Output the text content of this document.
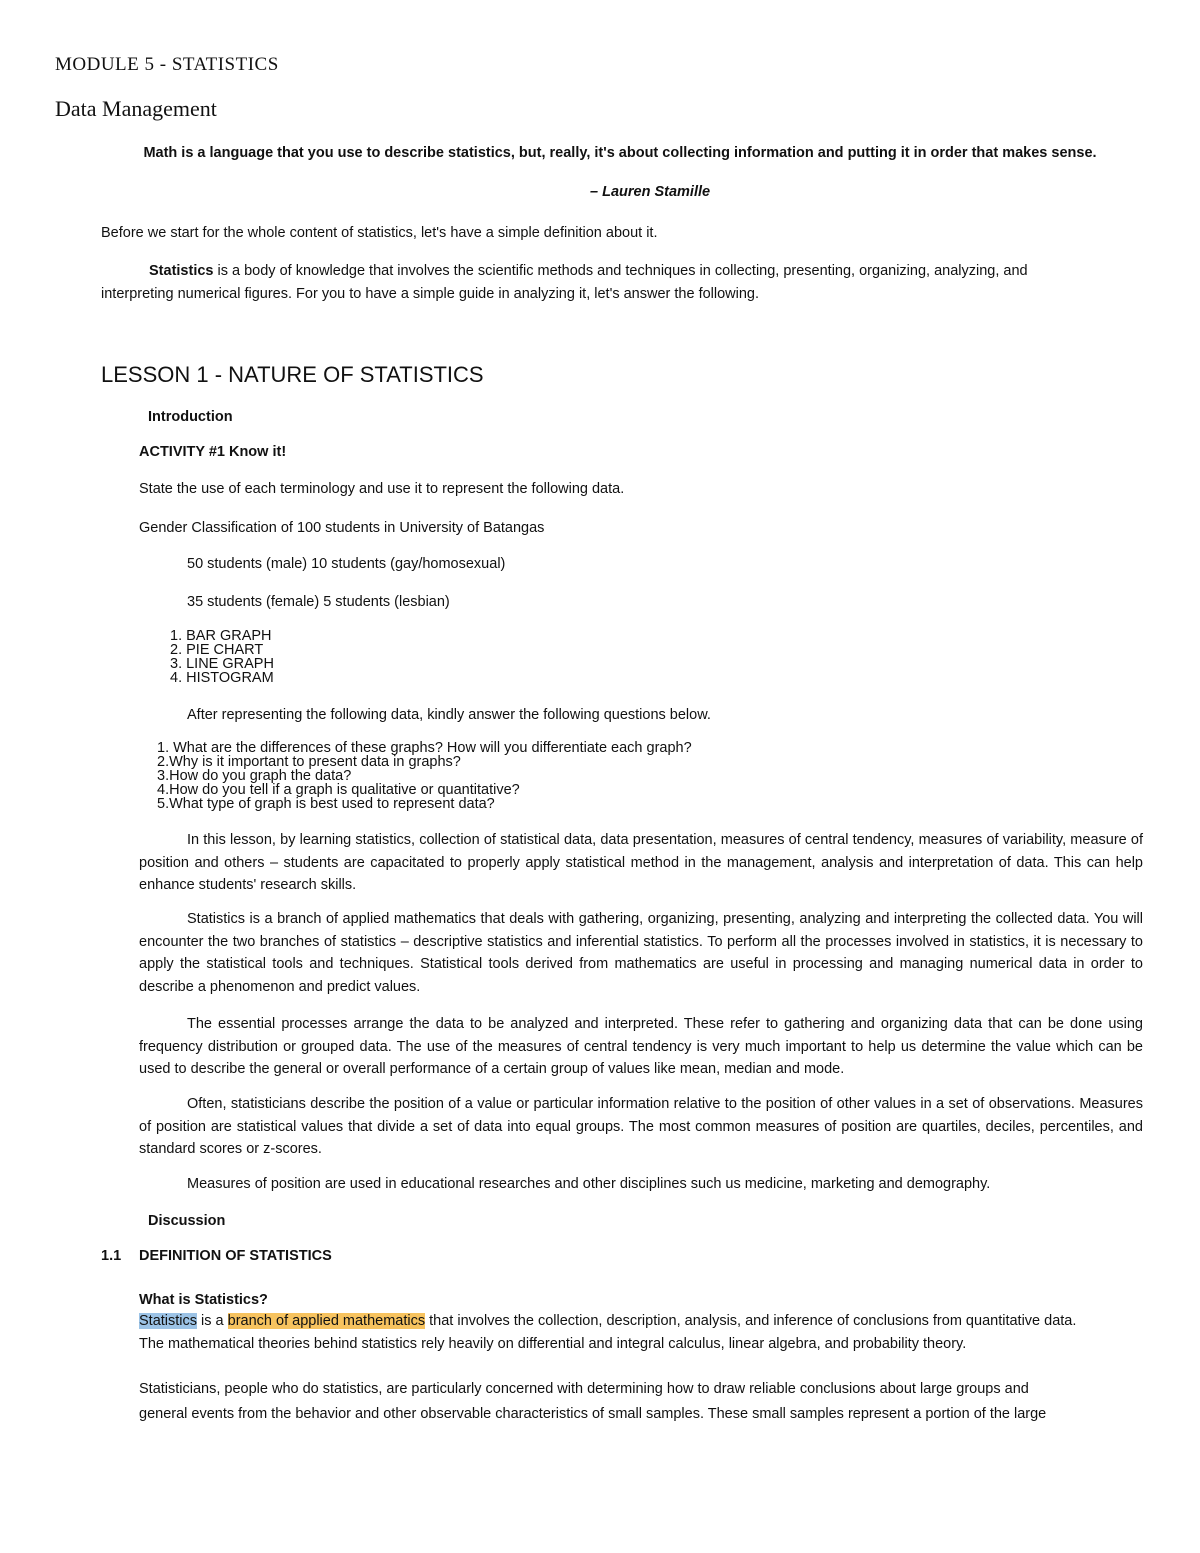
MODULE 5 - STATISTICS
Data Management
Math is a language that you use to describe statistics, but, really, it's about collecting information and putting it in order that makes sense.
– Lauren Stamille
Before we start for the whole content of statistics, let's have a simple definition about it.
Statistics is a body of knowledge that involves the scientific methods and techniques in collecting, presenting, organizing, analyzing, and
interpreting numerical figures. For you to have a simple guide in analyzing it, let's answer the following.
LESSON 1 - NATURE OF STATISTICS
Introduction
ACTIVITY #1 Know it!
State the use of each terminology and use it to represent the following data.
Gender Classification of 100 students in University of Batangas
50 students (male) 10 students (gay/homosexual)
35 students (female) 5 students (lesbian)
1. BAR GRAPH
2. PIE CHART
3. LINE GRAPH
4. HISTOGRAM
After representing the following data, kindly answer the following questions below.
1. What are the differences of these graphs? How will you differentiate each graph?
2.Why is it important to present data in graphs?
3.How do you graph the data?
4.How do you tell if a graph is qualitative or quantitative?
5.What type of graph is best used to represent data?

In this lesson, by learning statistics, collection of statistical data, data presentation, measures of central tendency, measures of variability, measure of position and others – students are capacitated to properly apply statistical method in the management, analysis and interpretation of data. This can help enhance students' research skills.

Statistics is a branch of applied mathematics that deals with gathering, organizing, presenting, analyzing and interpreting the collected data. You will encounter the two branches of statistics – descriptive statistics and inferential statistics. To perform all the processes involved in statistics, it is necessary to apply the statistical tools and techniques. Statistical tools derived from mathematics are useful in processing and managing numerical data in order to describe a phenomenon and predict values.

The essential processes arrange the data to be analyzed and interpreted. These refer to gathering and organizing data that can be done using frequency distribution or grouped data. The use of the measures of central tendency is very much important to help us determine the value which can be used to describe the general or overall performance of a certain group of values like mean, median and mode.

Often, statisticians describe the position of a value or particular information relative to the position of other values in a set of observations. Measures of position are statistical values that divide a set of data into equal groups. The most common measures of position are quartiles, deciles, percentiles, and standard scores or z-scores.

Measures of position are used in educational researches and other disciplines such us medicine, marketing and demography.

Discussion
1.1 DEFINITION OF STATISTICS
What is Statistics?
Statistics is a branch of applied mathematics that involves the collection, description, analysis, and inference of conclusions from quantitative data.
The mathematical theories behind statistics rely heavily on differential and integral calculus, linear algebra, and probability theory.
Statisticians, people who do statistics, are particularly concerned with determining how to draw reliable conclusions about large groups and
general events from the behavior and other observable characteristics of small samples. These small samples represent a portion of the large
